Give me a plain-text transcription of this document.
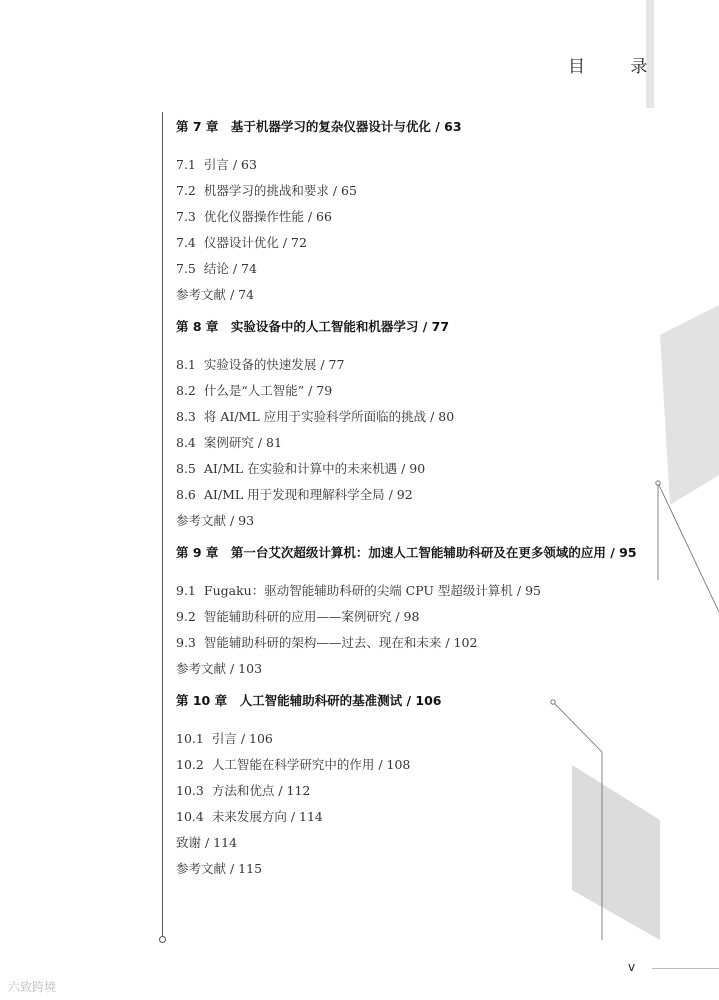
目 录
第 7 章　基于机器学习的复杂仪器设计与优化 / 63
7.1 引言 / 63
7.2 机器学习的挑战和要求 / 65
7.3 优化仪器操作性能 / 66
7.4 仪器设计优化 / 72
7.5 结论 / 74
参考文献 / 74
第 8 章　实验设备中的人工智能和机器学习 / 77
8.1 实验设备的快速发展 / 77
8.2 什么是“人工智能” / 79
8.3 将 AI/ML 应用于实验科学所面临的挑战 / 80
8.4 案例研究 / 81
8.5 AI/ML 在实验和计算中的未来机遇 / 90
8.6 AI/ML 用于发现和理解科学全局 / 92
参考文献 / 93
第 9 章　第一台艾次超级计算机：加速人工智能辅助科研及在更多领域的应用 / 95
9.1 Fugaku：驱动智能辅助科研的尖端 CPU 型超级计算机 / 95
9.2 智能辅助科研的应用——案例研究 / 98
9.3 智能辅助科研的架构——过去、现在和未来 / 102
参考文献 / 103
第 10 章　人工智能辅助科研的基准测试 / 106
10.1 引言 / 106
10.2 人工智能在科学研究中的作用 / 108
10.3 方法和优点 / 112
10.4 未来发展方向 / 114
致谢 / 114
参考文献 / 115
v
六致跨境
